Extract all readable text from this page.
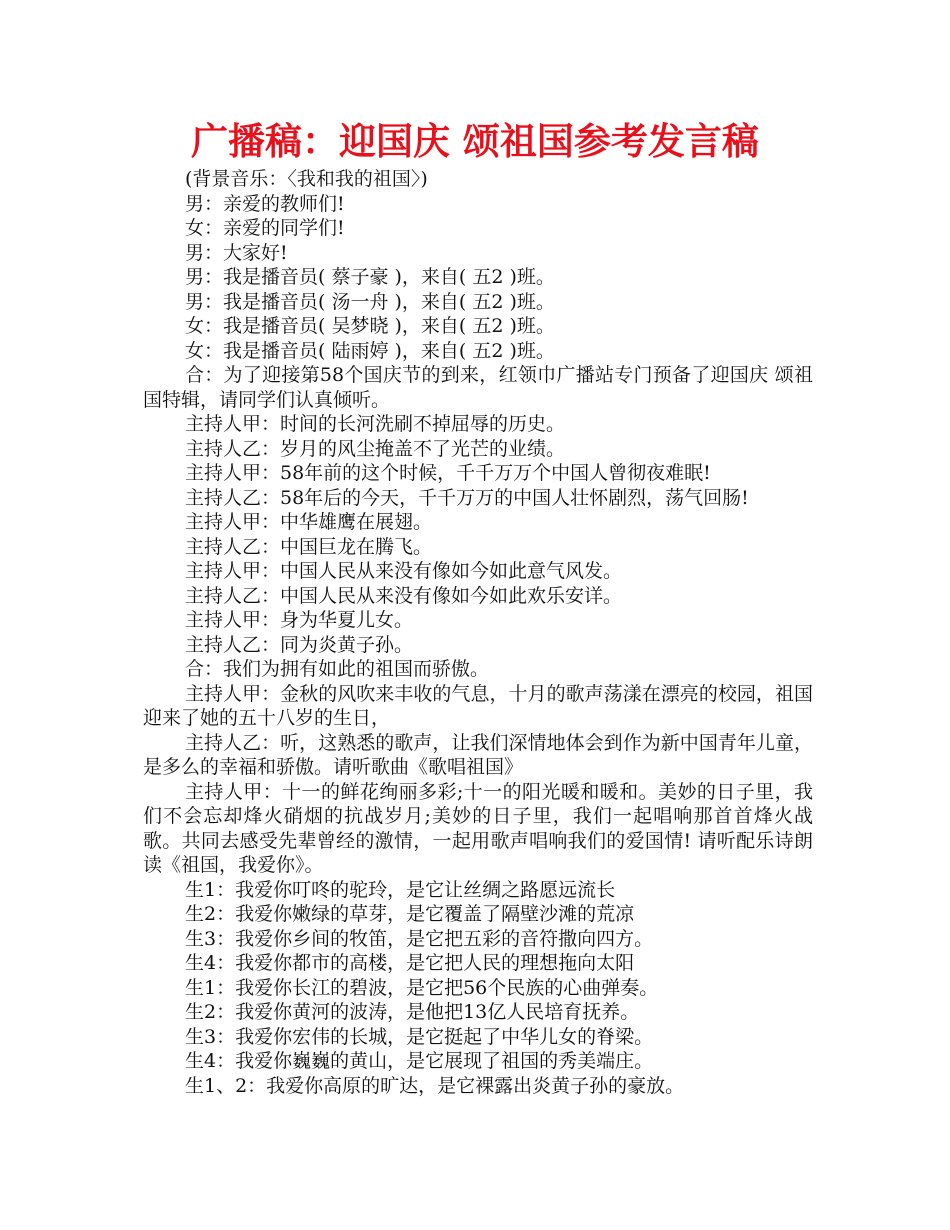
广播稿：迎国庆 颂祖国参考发言稿

(背景音乐：〈我和我的祖国〉)

男：亲爱的教师们!

女：亲爱的同学们!

男：大家好!

男：我是播音员( 蔡子豪 )，来自( 五2 )班。

男：我是播音员( 汤一舟 )，来自( 五2 )班。

女：我是播音员( 吴梦晓 )，来自( 五2 )班。

女：我是播音员( 陆雨婷 )，来自( 五2 )班。

合：为了迎接第58个国庆节的到来，红领巾广播站专门预备了迎国庆 颂祖国特辑，请同学们认真倾听。

主持人甲：时间的长河洗刷不掉屈辱的历史。

主持人乙：岁月的风尘掩盖不了光芒的业绩。

主持人甲：58年前的这个时候，千千万万个中国人曾彻夜难眠!

主持人乙：58年后的今天，千千万万的中国人壮怀剧烈，荡气回肠!

主持人甲：中华雄鹰在展翅。

主持人乙：中国巨龙在腾飞。

主持人甲：中国人民从来没有像如今如此意气风发。

主持人乙：中国人民从来没有像如今如此欢乐安详。

主持人甲：身为华夏儿女。

主持人乙：同为炎黄子孙。

合：我们为拥有如此的祖国而骄傲。

主持人甲：金秋的风吹来丰收的气息，十月的歌声荡漾在漂亮的校园，祖国迎来了她的五十八岁的生日，

主持人乙：听，这熟悉的歌声，让我们深情地体会到作为新中国青年儿童，是多么的幸福和骄傲。请听歌曲《歌唱祖国》

主持人甲：十一的鲜花绚丽多彩;十一的阳光暖和暖和。美妙的日子里，我们不会忘却烽火硝烟的抗战岁月;美妙的日子里，我们一起唱响那首首烽火战歌。共同去感受先辈曾经的激情，一起用歌声唱响我们的爱国情! 请听配乐诗朗读《祖国，我爱你》。

生1：我爱你叮咚的驼玲，是它让丝绸之路愿远流长

生2：我爱你嫩绿的草芽，是它覆盖了隔壁沙滩的荒凉

生3：我爱你乡间的牧笛，是它把五彩的音符撒向四方。

生4：我爱你都市的高楼，是它把人民的理想拖向太阳

生1：我爱你长江的碧波，是它把56个民族的心曲弹奏。

生2：我爱你黄河的波涛，是他把13亿人民培育抚养。

生3：我爱你宏伟的长城，是它挺起了中华儿女的脊梁。

生4：我爱你巍巍的黄山，是它展现了祖国的秀美端庄。

生1、2：我爱你高原的旷达，是它裸露出炎黄子孙的豪放。
